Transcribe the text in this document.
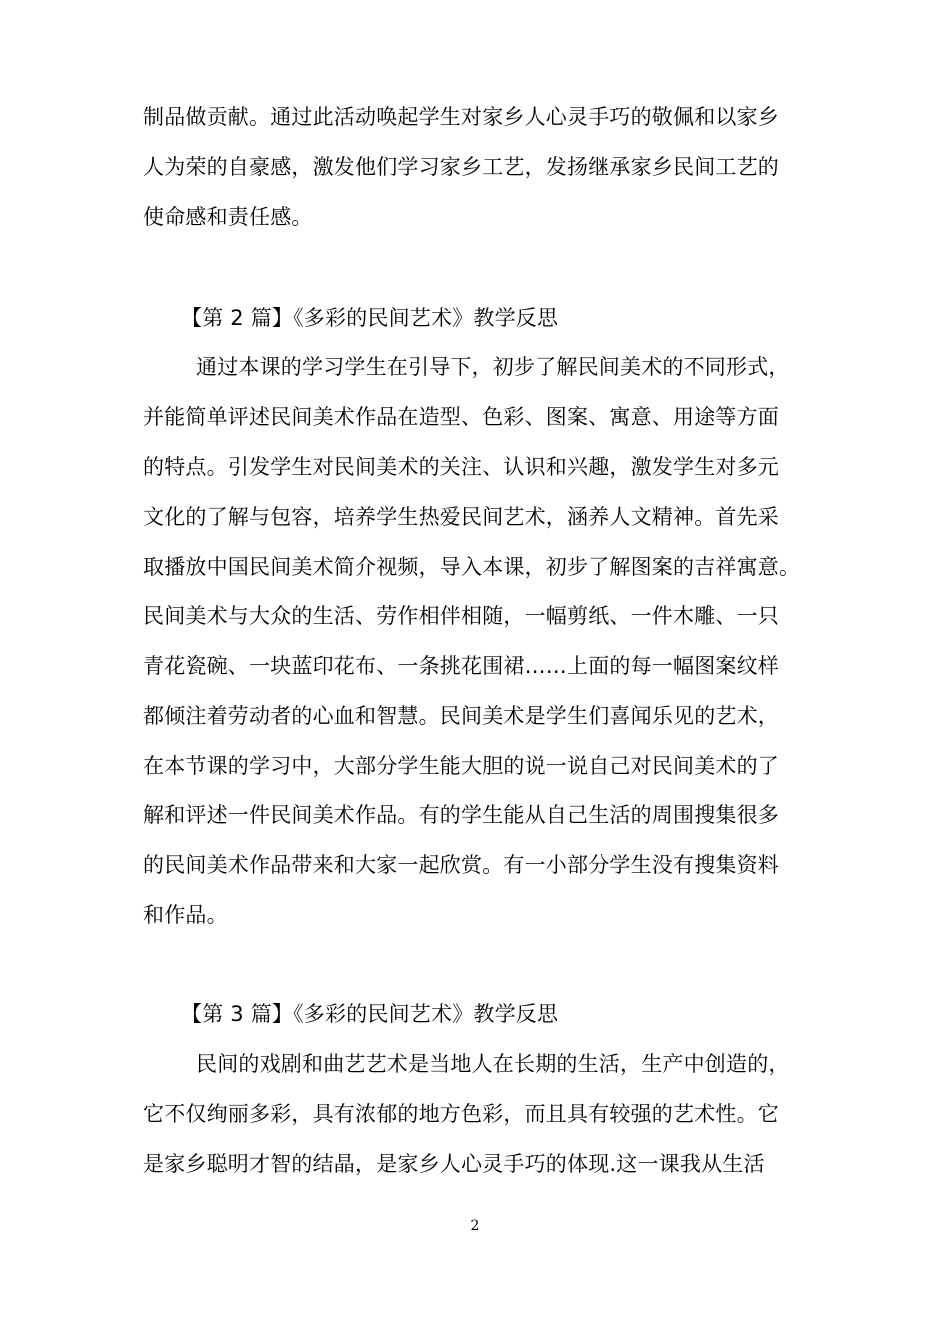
制品做贡献。通过此活动唤起学生对家乡人心灵手巧的敬佩和以家乡
人为荣的自豪感，激发他们学习家乡工艺，发扬继承家乡民间工艺的
使命感和责任感。
【第 2 篇】《多彩的民间艺术》教学反思
通过本课的学习学生在引导下，初步了解民间美术的不同形式，
并能简单评述民间美术作品在造型、色彩、图案、寓意、用途等方面
的特点。引发学生对民间美术的关注、认识和兴趣，激发学生对多元
文化的了解与包容，培养学生热爱民间艺术，涵养人文精神。首先采
取播放中国民间美术简介视频，导入本课，初步了解图案的吉祥寓意。
民间美术与大众的生活、劳作相伴相随，一幅剪纸、一件木雕、一只
青花瓷碗、一块蓝印花布、一条挑花围裙……上面的每一幅图案纹样
都倾注着劳动者的心血和智慧。民间美术是学生们喜闻乐见的艺术，
在本节课的学习中，大部分学生能大胆的说一说自己对民间美术的了
解和评述一件民间美术作品。有的学生能从自己生活的周围搜集很多
的民间美术作品带来和大家一起欣赏。有一小部分学生没有搜集资料
和作品。
【第 3 篇】《多彩的民间艺术》教学反思
民间的戏剧和曲艺艺术是当地人在长期的生活，生产中创造的，
它不仅绚丽多彩，具有浓郁的地方色彩，而且具有较强的艺术性。它
是家乡聪明才智的结晶，是家乡人心灵手巧的体现.这一课我从生活
2
